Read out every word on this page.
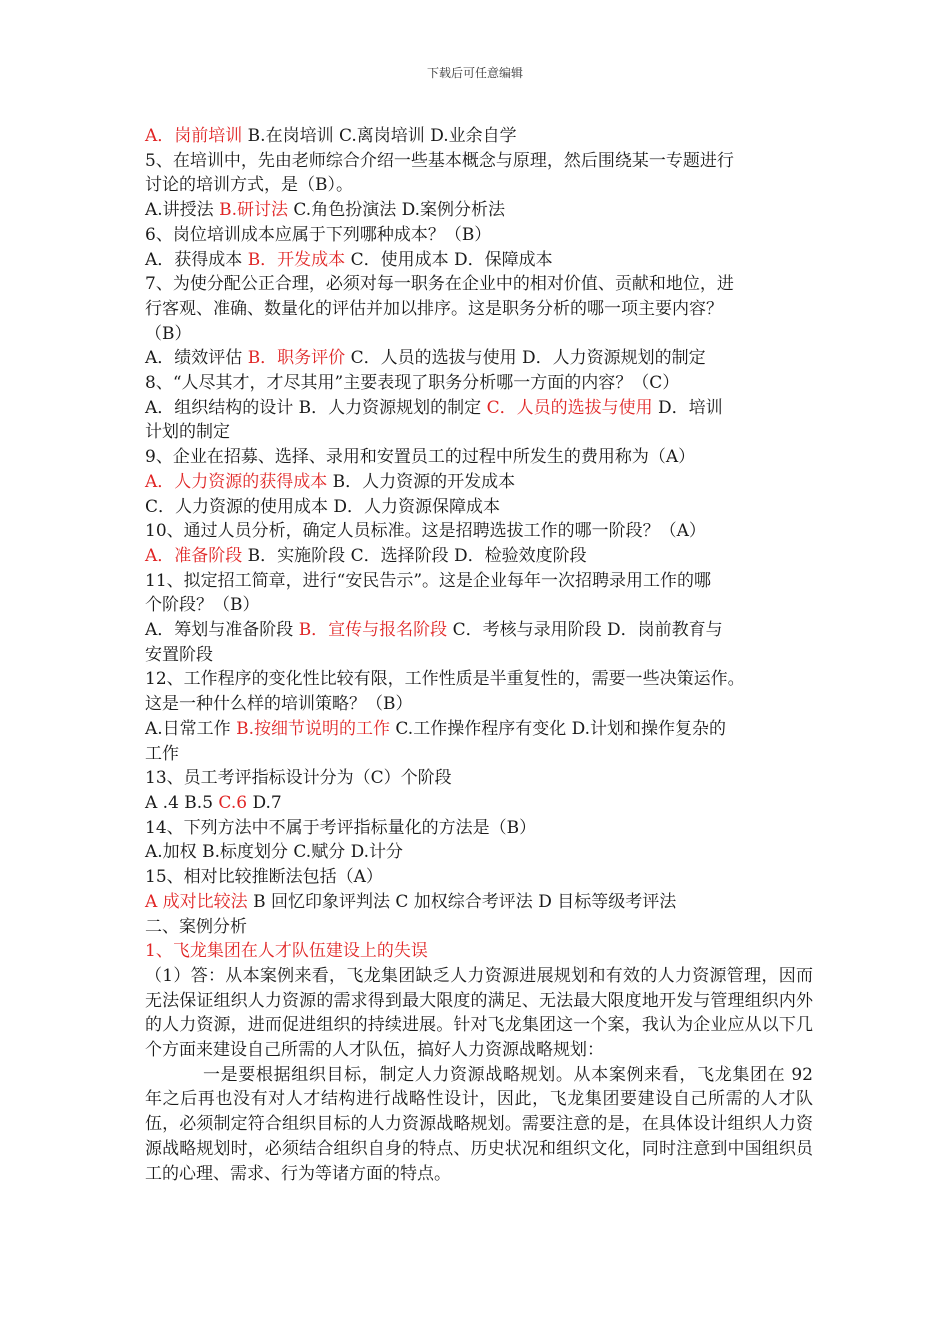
下载后可任意编辑
A．岗前培训 B.在岗培训 C.离岗培训 D.业余自学
5、在培训中，先由老师综合介绍一些基本概念与原理，然后围绕某一专题进行
讨论的培训方式，是（B）。
A.讲授法 B.研讨法 C.角色扮演法 D.案例分析法
6、岗位培训成本应属于下列哪种成本？（B）
A．获得成本 B．开发成本 C．使用成本 D．保障成本
7、为使分配公正合理，必须对每一职务在企业中的相对价值、贡献和地位，进
行客观、准确、数量化的评估并加以排序。这是职务分析的哪一项主要内容？
（B）
A．绩效评估 B．职务评价 C．人员的选拔与使用 D．人力资源规划的制定
8、“人尽其才，才尽其用”主要表现了职务分析哪一方面的内容？（C）
A．组织结构的设计 B．人力资源规划的制定 C．人员的选拔与使用 D．培训
计划的制定
9、企业在招募、选择、录用和安置员工的过程中所发生的费用称为（A）
A．人力资源的获得成本 B．人力资源的开发成本
C．人力资源的使用成本 D．人力资源保障成本
10、通过人员分析，确定人员标准。这是招聘选拔工作的哪一阶段？（A）
A．准备阶段 B．实施阶段 C．选择阶段 D．检验效度阶段
11、拟定招工简章，进行“安民告示”。这是企业每年一次招聘录用工作的哪
个阶段？（B）
A．筹划与准备阶段 B．宣传与报名阶段 C．考核与录用阶段 D．岗前教育与
安置阶段
12、工作程序的变化性比较有限，工作性质是半重复性的，需要一些决策运作。
这是一种什么样的培训策略？（B）
A.日常工作 B.按细节说明的工作 C.工作操作程序有变化 D.计划和操作复杂的
工作
13、员工考评指标设计分为（C）个阶段
A .4 B.5 C.6 D.7
14、下列方法中不属于考评指标量化的方法是（B）
A.加权 B.标度划分 C.赋分 D.计分
15、相对比较推断法包括（A）
A 成对比较法 B 回忆印象评判法 C 加权综合考评法 D 目标等级考评法
二、案例分析
1、飞龙集团在人才队伍建设上的失误
（1）答：从本案例来看，飞龙集团缺乏人力资源进展规划和有效的人力资源管理，因而无法保证组织人力资源的需求得到最大限度的满足、无法最大限度地开发与管理组织内外的人力资源，进而促进组织的持续进展。针对飞龙集团这一个案，我认为企业应从以下几个方面来建设自己所需的人才队伍，搞好人力资源战略规划：
一是要根据组织目标，制定人力资源战略规划。从本案例来看，飞龙集团在 92 年之后再也没有对人才结构进行战略性设计，因此，飞龙集团要建设自己所需的人才队伍，必须制定符合组织目标的人力资源战略规划。需要注意的是，在具体设计组织人力资源战略规划时，必须结合组织自身的特点、历史状况和组织文化，同时注意到中国组织员工的心理、需求、行为等诸方面的特点。
